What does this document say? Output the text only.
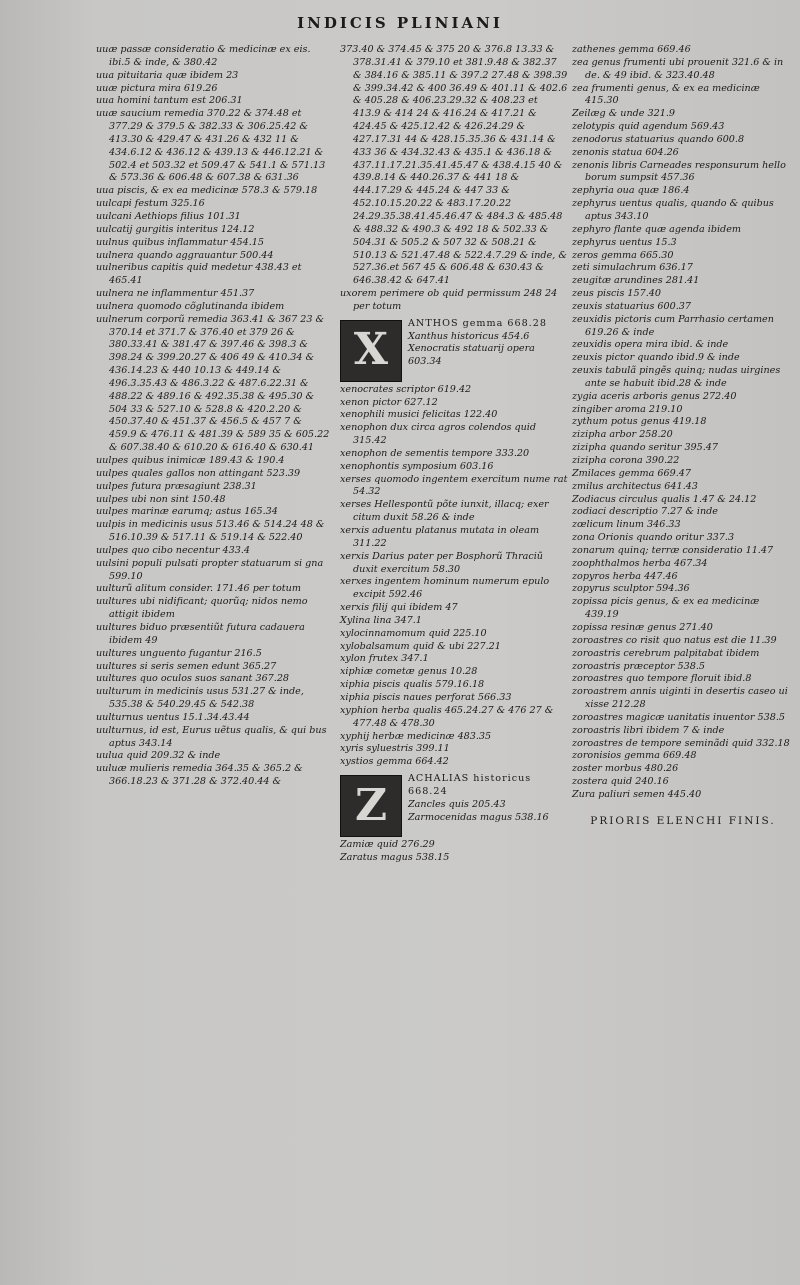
INDICIS PLINIANI
uuæ passæ consideratio & medicinæ ex eis. ibi.5 & inde, & 380.42
uua pituitaria quæ ibidem 23
uuæ pictura mira 619.26
uua homini tantum est 206.31
uuæ saucium remedia 370.22 & 374.48 et 377.29 & 379.5 & 382.33 & 306.25.42 & 413.30 & 429.47 & 431.26 & 432 11 & 434.6.12 & 436.12 & 439.13 & 446.12.21 & 502.4 et 503.32 et 509.47 & 541.1 & 571.13 & 573.36 & 606.48 & 607.38 & 631.36
uua piscis, & ex ea medicinæ 578.3 & 579.18
uulcapi festum 325.16
uulcani Aethiops filius 101.31
uulcatij gurgitis interitus 124.12
uulnus quibus inflammatur 454.15
uulnera quando aggrauantur 500.44
uulneribus capitis quid medetur 438.43 et 465.41
uulnera ne inflammentur 451.37
uulnera quomodo cõglutinanda ibidem
uulnerum corporũ remedia 363.41 & 367 23 & 370.14 et 371.7 & 376.40 et 379 26 & 380.33.41 & 381.47 & 397.46 & 398.3 & 398.24 & 399.20.27 & 406 49 & 410.34 & 436.14.23 & 440 10.13 & 449.14 & 496.3.35.43 & 486.3.22 & 487.6.22.31 & 488.22 & 489.16 & 492.35.38 & 495.30 & 504 33 & 527.10 & 528.8 & 420.2.20 & 450.37.40 & 451.37 & 456.5 & 457 7 & 459.9 & 476.11 & 481.39 & 589 35 & 605.22 & 607.38.40 & 610.20 & 616.40 & 630.41
uulpes quibus inimicæ 189.43 & 190.4
uulpes quales gallos non attingant 523.39
uulpes futura præsagiunt 238.31
uulpes ubi non sint 150.48
uulpes marinæ earumq; astus 165.34
uulpis in medicinis usus 513.46 & 514.24 48 & 516.10.39 & 517.11 & 519.14 & 522.40
uulpes quo cibo necentur 433.4
uulsini populi pulsati propter statuarum si gna 599.10
uulturũ alitum consider. 171.46 per totum
uultures ubi nidificant; quorũq; nidos nemo attigit ibidem
uultures biduo præsentiũt futura cadauera ibidem 49
uultures unguento fugantur 216.5
uultures si seris semen edunt 365.27
uultures quo oculos suos sanant 367.28
uulturum in medicinis usus 531.27 & inde, 535.38 & 540.29.45 & 542.38
uulturnus uentus 15.1.34.43.44
uulturnus, id est, Eurus uẽtus qualis, & qui bus aptus 343.14
uulua quid 209.32 & inde
uuluæ mulieris remedia 364.35 & 365.2 & 366.18.23 & 371.28 & 372.40.44 &
373.40 & 374.45 & 375 20 & 376.8 13.33 & 378.31.41 & 379.10 et 381.9.48 & 382.37 & 384.16 & 385.11 & 397.2 27.48 & 398.39 & 399.34.42 & 400 36.49 & 401.11 & 402.6 & 405.28 & 406.23.29.32 & 408.23 et 413.9 & 414 24 & 416.24 & 417.21 & 424.45 & 425.12.42 & 426.24.29 & 427.17.31 44 & 428.15.35.36 & 431.14 & 433 36 & 434.32.43 & 435.1 & 436.18 & 437.11.17.21.35.41.45.47 & 438.4.15 40 & 439.8.14 & 440.26.37 & 441 18 & 444.17.29 & 445.24 & 447 33 & 452.10.15.20.22 & 483.17.20.22 24.29.35.38.41.45.46.47 & 484.3 & 485.48 & 488.32 & 490.3 & 492 18 & 502.33 & 504.31 & 505.2 & 507 32 & 508.21 & 510.13 & 521.47.48 & 522.4.7.29 & inde, & 527.36.et 567 45 & 606.48 & 630.43 & 646.38.42 & 647.41
uxorem perimere ob quid permissum 248 24 per totum
X
ANTHOS gemma 668.28
Xanthus historicus 454.6
Xenocratis statuarij opera 603.34
xenocrates scriptor 619.42
xenon pictor 627.12
xenophili musici felicitas 122.40
xenophon dux circa agros colendos quid 315.42
xenophon de sementis tempore 333.20
xenophontis symposium 603.16
xerses quomodo ingentem exercitum nume rat 54.32
xerses Hellespontũ põte iunxit, illacq; exer citum duxit 58.26 & inde
xerxis aduentu platanus mutata in oleam 311.22
xerxis Darius pater per Bosphorũ Thraciũ duxit exercitum 58.30
xerxes ingentem hominum numerum epulo excipit 592.46
xerxis filij qui ibidem 47
Xylina lina 347.1
xylocinnamomum quid 225.10
xylobalsamum quid & ubi 227.21
xylon frutex 347.1
xiphiæ cometæ genus 10.28
xiphia piscis qualis 579.16.18
xiphia piscis naues perforat 566.33
xyphion herba qualis 465.24.27 & 476 27 & 477.48 & 478.30
xyphij herbæ medicinæ 483.35
xyris syluestris 399.11
xystios gemma 664.42
Z
ACHALIAS historicus 668.24
Zancles quis 205.43
Zarmocenidas magus 538.16
Zamiæ quid 276.29
Zaratus magus 538.15
zathenes gemma 669.46
zea genus frumenti ubi prouenit 321.6 & in de. & 49 ibid. & 323.40.48
zea frumenti genus, & ex ea medicinæ 415.30
Zeilæg & unde 321.9
zelotypis quid agendum 569.43
zenodorus statuarius quando 600.8
zenonis statua 604.26
zenonis libris Carneades responsurum hello borum sumpsit 457.36
zephyria oua quæ 186.4
zephyrus uentus qualis, quando & quibus aptus 343.10
zephyro flante quæ agenda ibidem
zephyrus uentus 15.3
zeros gemma 665.30
zeti simulachrum 636.17
zeugitæ arundines 281.41
zeus piscis 157.40
zeuxis statuarius 600.37
zeuxidis pictoris cum Parrhasio certamen 619.26 & inde
zeuxidis opera mira ibid. & inde
zeuxis pictor quando ibid.9 & inde
zeuxis tabulã pingẽs quinq; nudas uirgines ante se habuit ibid.28 & inde
zygia aceris arboris genus 272.40
zingiber aroma 219.10
zythum potus genus 419.18
zizipha arbor 258.20
zizipha quando seritur 395.47
zizipha corona 390.22
Zmilaces gemma 669.47
zmilus architectus 641.43
Zodiacus circulus qualis 1.47 & 24.12
zodiaci descriptio 7.27 & inde
zœlicum linum 346.33
zona Orionis quando oritur 337.3
zonarum quinq; terræ consideratio 11.47
zoophthalmos herba 467.34
zopyros herba 447.46
zopyrus sculptor 594.36
zopissa picis genus, & ex ea medicinæ 439.19
zopissa resinæ genus 271.40
zoroastres co risit quo natus est die 11.39
zoroastris cerebrum palpitabat ibidem
zoroastris præceptor 538.5
zoroastres quo tempore floruit ibid.8
zoroastrem annis uiginti in desertis caseo ui xisse 212.28
zoroastres magicæ uanitatis inuentor 538.5
zoroastris libri ibidem 7 & inde
zoroastres de tempore seminãdi quid 332.18
zoronisios gemma 669.48
zoster morbus 480.26
zostera quid 240.16
Zura paliuri semen 445.40
PRIORIS ELENCHI FINIS.
